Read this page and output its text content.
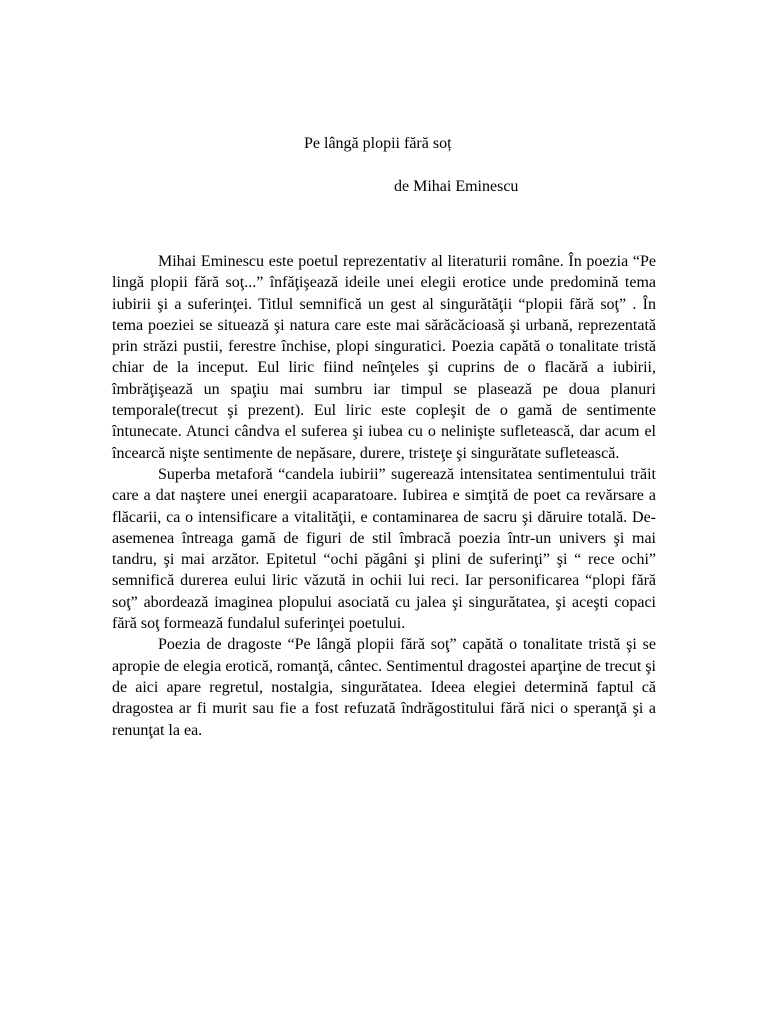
Pe lângă plopii fără soț
de Mihai Eminescu

Mihai Eminescu este poetul reprezentativ al literaturii române. În poezia “Pe lingă plopii fără soţ...” înfăţişează ideile unei elegii erotice unde predomină tema iubirii şi a suferinţei. Titlul semnifică un gest al singurătăţii “plopii fără soţ” . În tema poeziei se situează şi natura care este mai sărăcăcioasă şi urbană, reprezentată prin străzi pustii, ferestre închise, plopi singuratici. Poezia capătă o tonalitate tristă chiar de la inceput. Eul liric fiind neînţeles şi cuprins de o flacără a iubirii, îmbrăţişează un spaţiu mai sumbru iar timpul se plasează pe doua planuri temporale(trecut şi prezent). Eul liric este copleşit de o gamă de sentimente întunecate. Atunci cândva el suferea şi iubea cu o nelinişte sufletească, dar acum el încearcă nişte sentimente de nepăsare, durere, tristeţe şi singurătate sufletească.

Superba metaforă “candela iubirii” sugerează intensitatea sentimentului trăit care a dat naştere unei energii acaparatoare. Iubirea e simţită de poet ca revărsare a flăcarii, ca o intensificare a vitalităţii, e contaminarea de sacru şi dăruire totală. De-asemenea întreaga gamă de figuri de stil îmbracă poezia într-un univers şi mai tandru, şi mai arzător. Epitetul “ochi păgâni şi plini de suferinţi” şi “ rece ochi” semnifică durerea eului liric văzută in ochii lui reci. Iar personificarea “plopi fără soţ” abordează imaginea plopului asociată cu jalea şi singurătatea, şi aceşti copaci fără soţ formează fundalul suferinţei poetului.

Poezia de dragoste “Pe lângă plopii fără soţ” capătă o tonalitate tristă şi se apropie de elegia erotică, romanţă, cântec. Sentimentul dragostei aparţine de trecut şi de aici apare regretul, nostalgia, singurătatea. Ideea elegiei determină faptul că dragostea ar fi murit sau fie a fost refuzată îndrăgostitului fără nici o speranţă şi a renunţat la ea.
